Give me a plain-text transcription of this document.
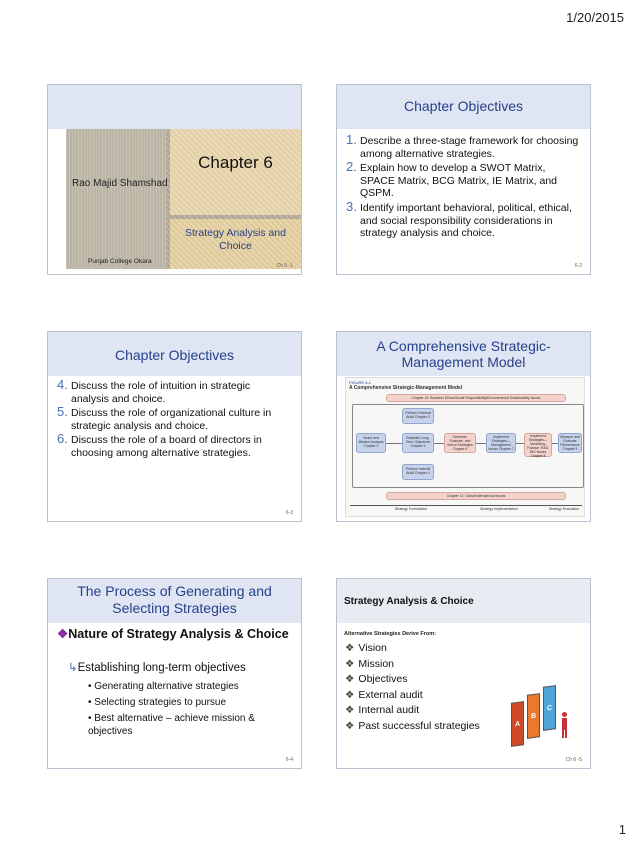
1/20/2015
Rao Majid Shamshad
Punjab College Okara
Chapter 6
Strategy Analysis and Choice
Ch 6 -1
Chapter Objectives
1. Describe a three-stage framework for choosing among alternative strategies.
2. Explain how to develop a SWOT Matrix, SPACE Matrix, BCG Matrix, IE Matrix, and QSPM.
3. Identify important behavioral, political, ethical, and social responsibility considerations in strategy analysis and choice.
6-2
Chapter Objectives
4. Discuss the role of intuition in strategic analysis and choice.
5. Discuss the role of organizational culture in strategic analysis and choice.
6. Discuss the role of a board of directors in choosing among alternative strategies.
6-3
A Comprehensive Strategic-Management Model
FIGURE 6-1
A Comprehensive Strategic-Management Model
Chapter 10: Business Ethics/Social Responsibility/Environmental Sustainability Issues
Perform External Audit Chapter 3
Vision and Mission Analysis Chapter 2
Establish Long-Term Objectives Chapter 5
Generate, Evaluate, and Select Strategies Chapter 6
Implement Strategies— Management Issues Chapter 7
Implement Strategies— Marketing, Finance, R&D, MIS Issues Chapter 8
Measure and Evaluate Performance Chapter 9
Perform Internal Audit Chapter 4
Chapter 11: Global/International Issues
Strategy Formulation	Strategy Implementation	Strategy Evaluation
The Process of Generating and Selecting Strategies
❖Nature of Strategy Analysis & Choice
↳Establishing long-term objectives
• Generating alternative strategies
• Selecting strategies to pursue
• Best alternative – achieve mission & objectives
6-4
Strategy Analysis & Choice
Alternative Strategies Derive From:
❖ Vision
❖ Mission
❖ Objectives
❖ External audit
❖ Internal audit
❖ Past successful strategies	A
B
C
Ch 6 -5
1
